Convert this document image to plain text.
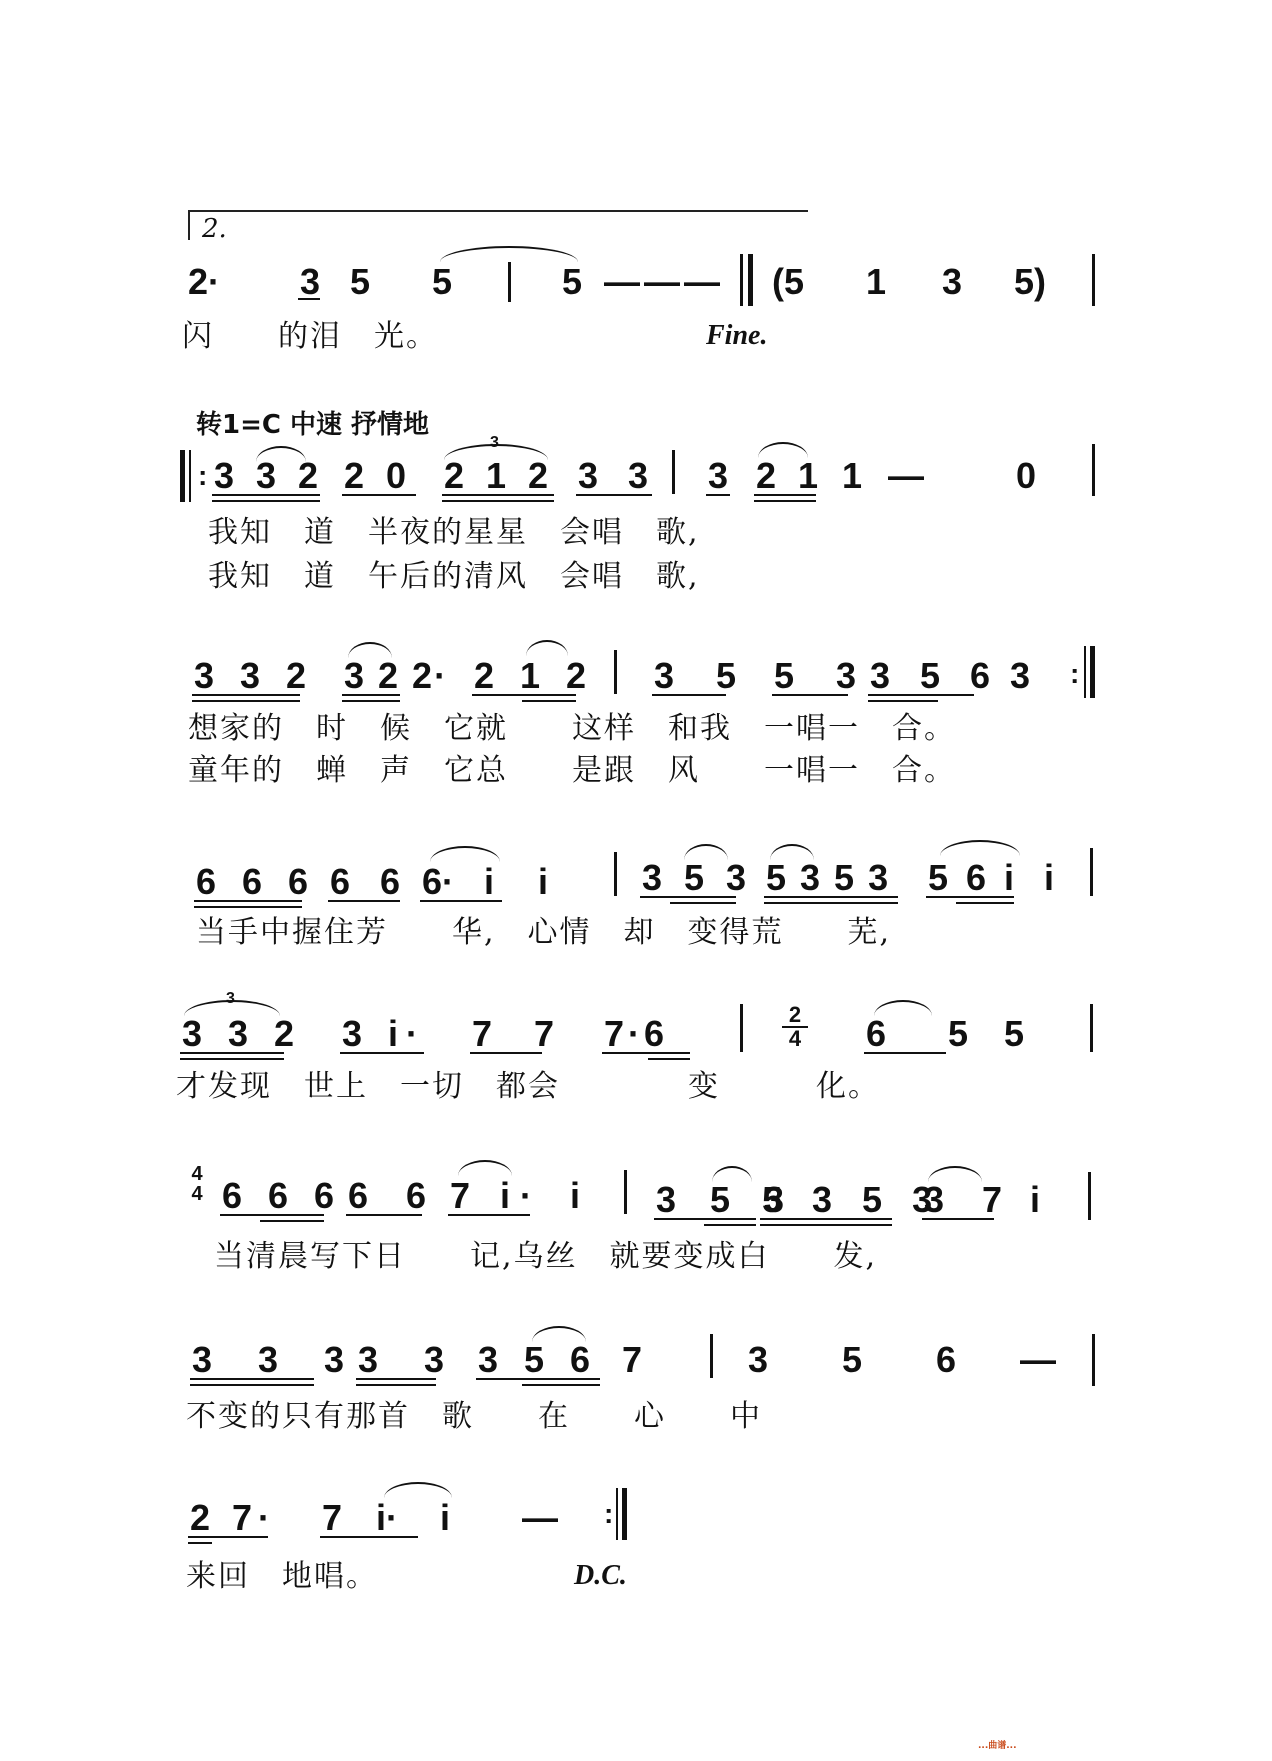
2.
2· 3 5 5	5 — — — (5 1 3 5)
闪　　的泪　光。	Fine.
转1=C 中速 抒情地
: 3 3 2 2 0
3
2 1 2 3 3 3 2 1 1 —	0
我知　道　半夜的星星　会唱　歌,
我知　道　午后的清风　会唱　歌,
3 3 2 3 2 2· 2 1 2 3 5 5 3
3 5 6 3 :
想家的　时　候　它就　　这样　和我　一唱一　合。
童年的　蝉　声　它总　　是跟　风　　一唱一　合。
6 6 6 6 6 6· i i	3 5 3 5 3 5 3 5 6 i i
当手中握住芳　　华,　心情　却　变得荒　　芜,
3
3 3 2 3 i· 7 7 7·6	2
4 6 5 5
才发现　世上　一切　都会　　　　变　　　化。
4
4 6 6 6 6 6 7 i· i 3 5 3
5 3 5 3
3 7 i
当清晨写下日　　记,乌丝　就要变成白　　发,
3 3 3
3 3 3 5 6 7	3 5 6 —
不变的只有那首　歌　　在　　心　　中
2 7· 7 i· i — :
来回　地唱。	D.C.
...曲谱...
